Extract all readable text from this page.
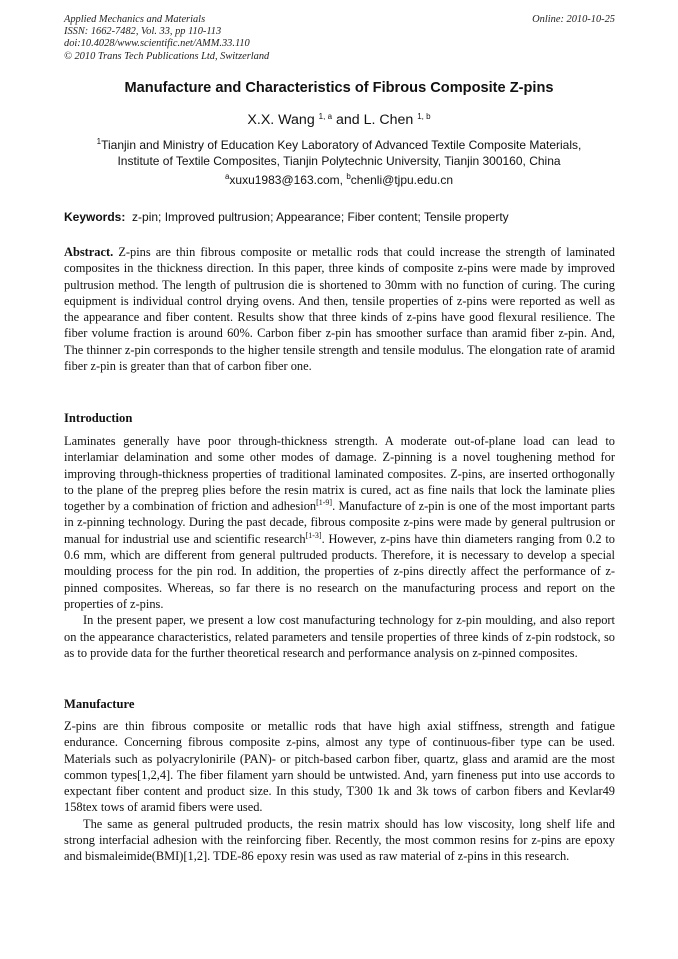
Applied Mechanics and Materials
ISSN: 1662-7482, Vol. 33, pp 110-113
doi:10.4028/www.scientific.net/AMM.33.110
© 2010 Trans Tech Publications Ltd, Switzerland
Online: 2010-10-25
Manufacture and Characteristics of Fibrous Composite Z-pins
X.X. Wang $^{1, a}$ and L. Chen $^{1, b}$
$^1$Tianjin and Ministry of Education Key Laboratory of Advanced Textile Composite Materials,
Institute of Textile Composites, Tianjin Polytechnic University, Tianjin 300160, China
$^a$xuxu1983@163.com, $^b$chenli@tjpu.edu.cn
Keywords: z-pin; Improved pultrusion; Appearance; Fiber content; Tensile property

Abstract. Z-pins are thin fibrous composite or metallic rods that could increase the strength of laminated composites in the thickness direction. In this paper, three kinds of composite z-pins were made by improved pultrusion method. The length of pultrusion die is shortened to 30mm with no function of curing. The curing equipment is individual control drying ovens. And then, tensile properties of z-pins were reported as well as the appearance and fiber content. Results show that three kinds of z-pins have good flexural resilience. The fiber volume fraction is around 60%. Carbon fiber z-pin has smoother surface than aramid fiber z-pin. And, The thinner z-pin corresponds to the higher tensile strength and tensile modulus. The elongation rate of aramid fiber z-pin is greater than that of carbon fiber one.

Introduction

Laminates generally have poor through-thickness strength. A moderate out-of-plane load can lead to interlamiar delamination and some other modes of damage. Z-pinning is a novel toughening method for improving through-thickness properties of traditional laminated composites. Z-pins, are inserted orthogonally to the plane of the prepreg plies before the resin matrix is cured, act as fine nails that lock the laminate plies together by a combination of friction and adhesion[1-9]. Manufacture of z-pin is one of the most important parts in z-pinning technology. During the past decade, fibrous composite z-pins were made by general pultrusion or manual for industrial use and scientific research[1-3]. However, z-pins have thin diameters ranging from 0.2 to 0.6 mm, which are different from general pultruded products. Therefore, it is necessary to develop a special moulding process for the pin rod. In addition, the properties of z-pins directly affect the performance of z-pinned composites. Whereas, so far there is no research on the manufacturing process and report on the properties of z-pins.

In the present paper, we present a low cost manufacturing technology for z-pin moulding, and also report on the appearance characteristics, related parameters and tensile properties of three kinds of z-pin rodstock, so as to provide data for the further theoretical research and performance analysis on z-pinned composites.

Manufacture

Z-pins are thin fibrous composite or metallic rods that have high axial stiffness, strength and fatigue endurance. Concerning fibrous composite z-pins, almost any type of continuous-fiber type can be used. Materials such as polyacrylonirile (PAN)- or pitch-based carbon fiber, quartz, glass and aramid are the most common types[1,2,4]. The fiber filament yarn should be untwisted. And, yarn fineness put into use accords to expectant fiber content and product size. In this study, T300 1k and 3k tows of carbon fibers and Kevlar49 158tex tows of aramid fibers were used.

The same as general pultruded products, the resin matrix should has low viscosity, long shelf life and strong interfacial adhesion with the reinforcing fiber. Recently, the most common resins for z-pins are epoxy and bismaleimide(BMI)[1,2]. TDE-86 epoxy resin was used as raw material of z-pins in this research.
